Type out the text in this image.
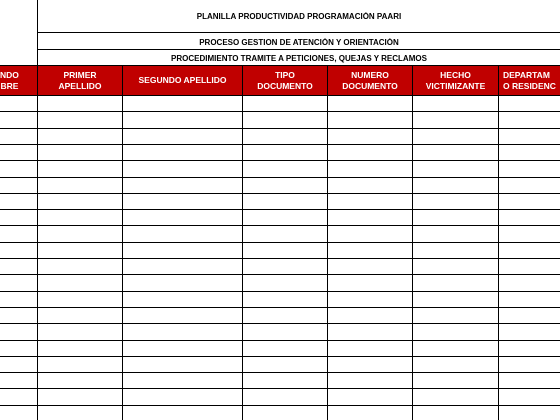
PLANILLA PRODUCTIVIDAD PROGRAMACIÓN PAARI
PROCESO GESTION DE ATENCIÓN Y ORIENTACIÓN
PROCEDIMIENTO TRAMITE A PETICIONES, QUEJAS Y RECLAMOS
NDO
BRE
PRIMER
APELLIDO
SEGUNDO APELLIDO
TIPO
DOCUMENTO
NUMERO
DOCUMENTO
HECHO
VICTIMIZANTE
DEPARTAM
O RESIDENC
